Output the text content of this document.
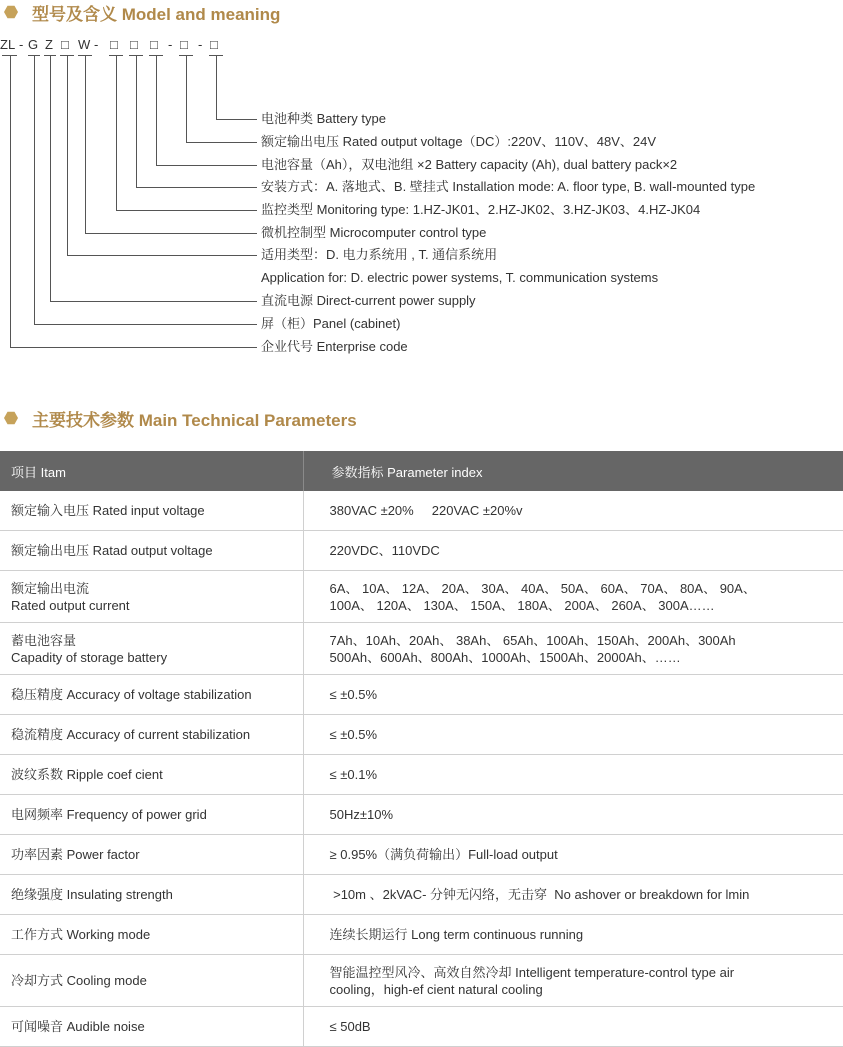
型号及含义 Model and meaning
ZL - G Z □ W - □ □ □ - □ - □
电池种类 Battery type
额定输出电压 Rated output voltage（DC）:220V、110V、48V、24V
电池容量（Ah），双电池组 ×2 Battery capacity (Ah), dual battery pack×2
安装方式：A. 落地式、B. 壁挂式 Installation mode: A. floor type, B. wall-mounted type
监控类型 Monitoring type: 1.HZ-JK01、2.HZ-JK02、3.HZ-JK03、4.HZ-JK04
微机控制型 Microcomputer control type
适用类型：D. 电力系统用 , T. 通信系统用
Application for: D. electric power systems, T. communication systems
直流电源 Direct-current power supply
屏（柜）Panel (cabinet)
企业代号 Enterprise code
主要技术参数 Main Technical Parameters
项目 Itam	参数指标 Parameter index
额定输入电压 Rated input voltage	380VAC ±20%     220VAC ±20%v
额定输出电压 Ratad output voltage	220VDC、110VDC

额定输出电流
Rated output current	6A、 10A、 12A、 20A、 30A、 40A、 50A、 60A、 70A、 80A、 90A、
100A、 120A、 130A、 150A、 180A、 200A、 260A、 300A……

蓄电池容量
Capadity of storage battery	7Ah、10Ah、20Ah、 38Ah、 65Ah、100Ah、150Ah、200Ah、300Ah
500Ah、600Ah、800Ah、1000Ah、1500Ah、2000Ah、……

稳压精度 Accuracy of voltage stabilization	≤ ±0.5%
稳流精度 Accuracy of current stabilization	≤ ±0.5%
波纹系数 Ripple coef cient	≤ ±0.1%
电网频率 Frequency of power grid	50Hz±10%
功率因素 Power factor	≥ 0.95%（满负荷输出）Full-load output
绝缘强度 Insulating strength	>10m 、2kVAC- 分钟无闪络，无击穿  No ashover or breakdown for lmin
工作方式 Working mode	连续长期运行 Long term continuous running
冷却方式 Cooling mode	智能温控型风冷、高效自然冷却 Intelligent temperature-control type air
cooling，high-ef cient natural cooling

可闻噪音 Audible noise	≤ 50dB
